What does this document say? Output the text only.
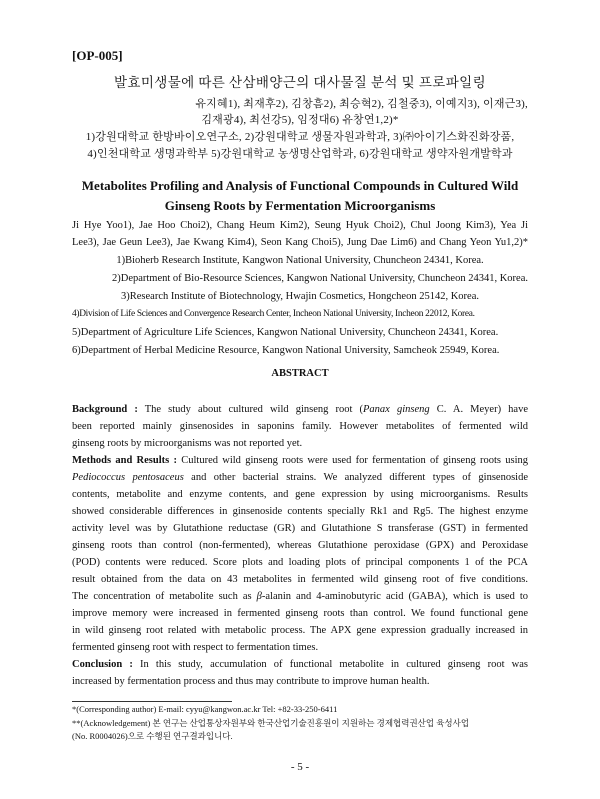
[OP-005]
발효미생물에 따른 산삼배양근의 대사물질 분석 및 프로파일링
유지혜1), 최재후2), 김창흠2), 최승혁2), 김철중3), 이예지3), 이재근3),
김재광4), 최선강5), 임정대6) 유창연1,2)*
1)강원대학교 한방바이오연구소, 2)강원대학교 생물자원과학과, 3)㈜아이기스화진화장품,
4)인천대학교 생명과학부 5)강원대학교 농생명산업학과, 6)강원대학교 생약자원개발학과
Metabolites Profiling and Analysis of Functional Compounds in Cultured Wild
Ginseng Roots by Fermentation Microorganisms
Ji Hye Yoo1), Jae Hoo Choi2), Chang Heum Kim2), Seung Hyuk Choi2), Chul Joong Kim3), Yea Ji
Lee3), Jae Geun Lee3), Jae Kwang Kim4), Seon Kang Choi5), Jung Dae Lim6) and Chang Yeon Yu1,2)*
1)Bioherb Research Institute, Kangwon National University, Chuncheon 24341, Korea.
2)Department of Bio-Resource Sciences, Kangwon National University, Chuncheon 24341, Korea.
3)Research Institute of Biotechnology, Hwajin Cosmetics, Hongcheon 25142, Korea.
4)Division of Life Sciences and Convergence Research Center, Incheon National University, Incheon 22012, Korea.
5)Department of Agriculture Life Sciences, Kangwon National University, Chuncheon 24341, Korea.
6)Department of Herbal Medicine Resource, Kangwon National University, Samcheok 25949, Korea.
ABSTRACT
Background : The study about cultured wild ginseng root (Panax ginseng C. A. Meyer) have
been reported mainly ginsenosides in saponins family. However metabolites of fermented wild
ginseng roots by microorganisms was not reported yet.
Methods and Results : Cultured wild ginseng roots were used for fermentation of ginseng roots using
Pediococcus pentosaceus and other bacterial strains. We analyzed different types of ginsenoside
contents, metabolite and enzyme contents, and gene expression by using microorganisms. Results
showed considerable differences in ginsenoside contents specially Rk1 and Rg5. The highest enzyme
activity level was by Glutathione reductase (GR) and Glutathione S transferase (GST) in fermented
ginseng roots than control (non-fermented), whereas Glutathione peroxidase (GPX) and Peroxidase
(POD) contents were reduced. Score plots and loading plots of principal components 1 of the PCA
result obtained from the data on 43 metabolites in fermented wild ginseng root of five conditions.
The concentration of metabolite such as β-alanin and 4-aminobutyric acid (GABA), which is used to
improve memory were increased in fermented ginseng roots than control. We found functional gene
in wild ginseng root related with metabolic process. The APX gene expression gradually increased in
fermented ginseng root with respect to fermentation times.
Conclusion : In this study, accumulation of functional metabolite in cultured ginseng root was
increased by fermentation process and thus may contribute to improve human health.
*(Corresponding author) E-mail: cyyu@kangwon.ac.kr Tel: +82-33-250-6411
**(Acknowledgement) 본 연구는 산업통상자원부와 한국산업기술진흥원이 지원하는 경제협력권산업 육성사업
(No. R0004026)으로 수행된 연구결과입니다.
- 5 -
